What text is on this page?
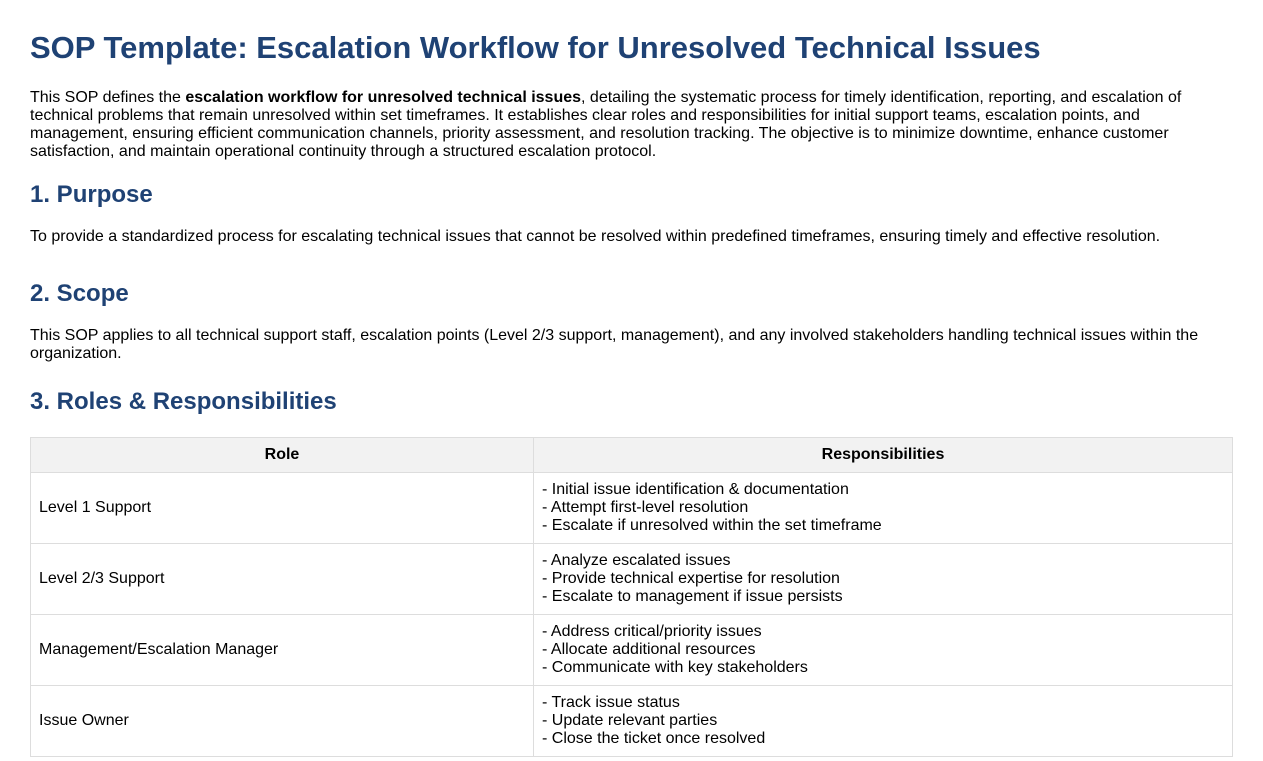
SOP Template: Escalation Workflow for Unresolved Technical Issues

This SOP defines the escalation workflow for unresolved technical issues, detailing the systematic process for timely identification, reporting, and escalation of technical problems that remain unresolved within set timeframes. It establishes clear roles and responsibilities for initial support teams, escalation points, and management, ensuring efficient communication channels, priority assessment, and resolution tracking. The objective is to minimize downtime, enhance customer satisfaction, and maintain operational continuity through a structured escalation protocol.

1. Purpose

To provide a standardized process for escalating technical issues that cannot be resolved within predefined timeframes, ensuring timely and effective resolution.

2. Scope

This SOP applies to all technical support staff, escalation points (Level 2/3 support, management), and any involved stakeholders handling technical issues within the organization.

3. Roles & Responsibilities
Role	Responsibilities
Level 1 Support	- Initial issue identification & documentation
- Attempt first-level resolution
- Escalate if unresolved within the set timeframe

Level 2/3 Support	- Analyze escalated issues
- Provide technical expertise for resolution
- Escalate to management if issue persists

Management/Escalation Manager	- Address critical/priority issues
- Allocate additional resources
- Communicate with key stakeholders

Issue Owner	- Track issue status
- Update relevant parties
- Close the ticket once resolved
